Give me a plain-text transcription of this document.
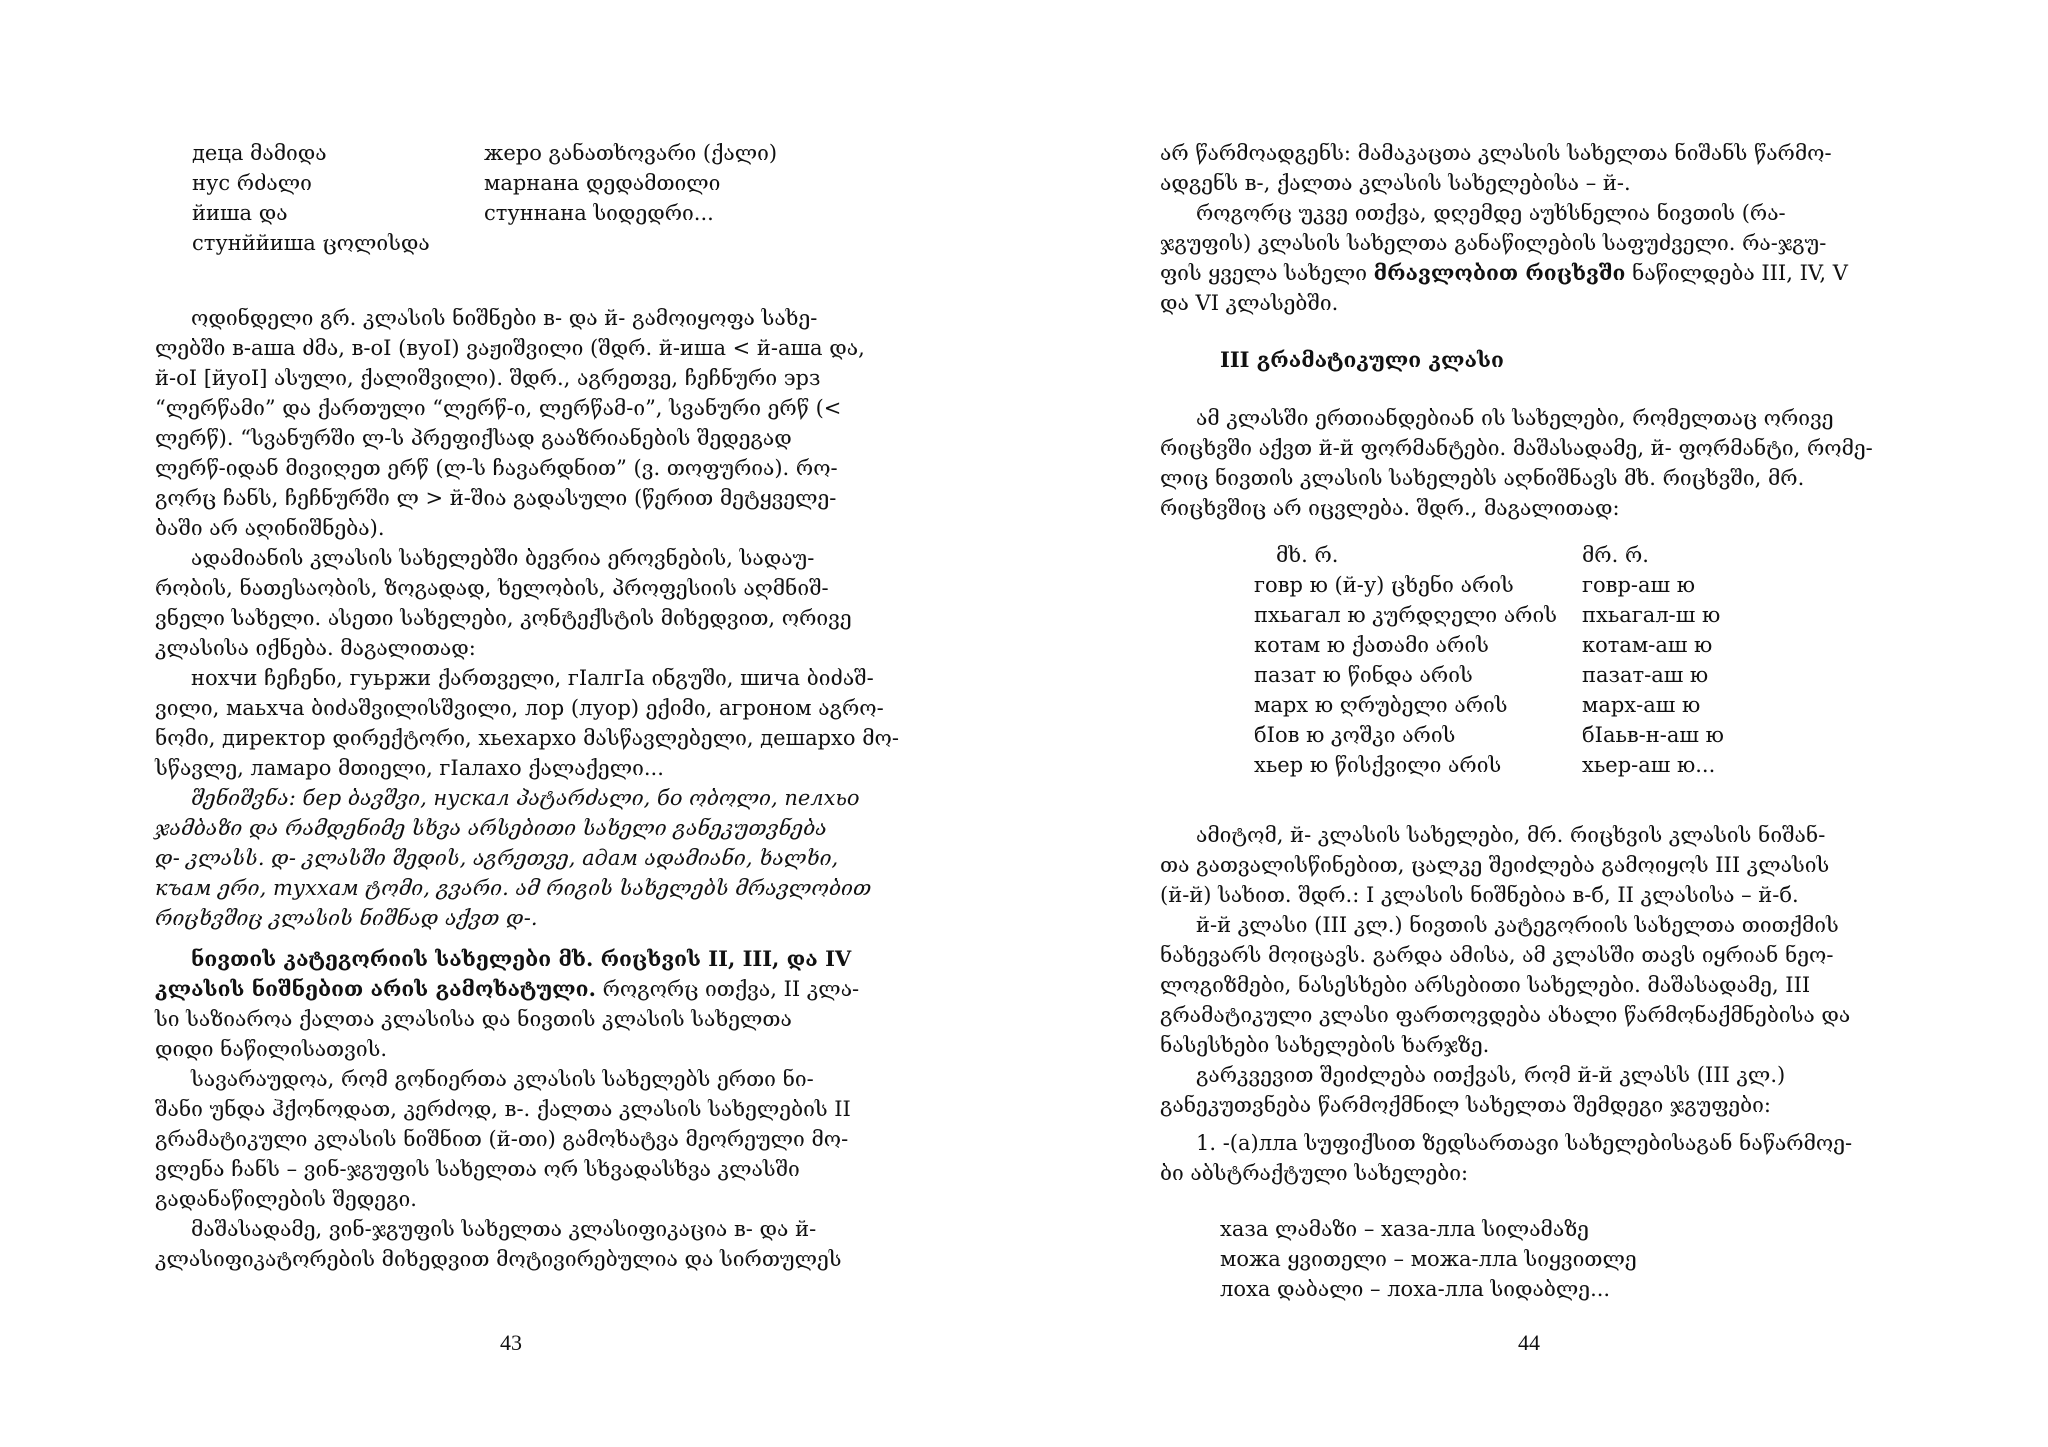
деца მამიდა	жеро განათხოვარი (ქალი)
нус რძალი	марнана დედამთილი
йиша და	стуннана სიდედრი...
стунййиша ცოლისდა
ოდინდელი გრ. კლასის ნიშნები в- და й- გამოიყოფა სახე-
ლებში в-аша ძმა, в-оI (вуоI) ვაჟიშვილი (შდრ. й-иша < й-аша და,
й-оI [йуоI] ასული, ქალიშვილი). შდრ., აგრეთვე, ჩეჩნური эрз
“ლერწამი” და ქართული “ლერწ-ი, ლერწამ-ი”, სვანური ერწ (<
ლერწ). “სვანურში ლ-ს პრეფიქსად გააზრიანების შედეგად
ლერწ-იდან მივიღეთ ერწ (ლ-ს ჩავარდნით” (ვ. თოფურია). რო-
გორც ჩანს, ჩეჩნურში ლ > й-შია გადასული (წერით მეტყველე-
ბაში არ აღინიშნება).
ადამიანის კლასის სახელებში ბევრია ეროვნების, სადაუ-
რობის, ნათესაობის, ზოგადად, ხელობის, პროფესიის აღმნიშ-
ვნელი სახელი. ასეთი სახელები, კონტექსტის მიხედვით, ორივე
კლასისა იქნება. მაგალითად:
нохчи ჩეჩენი, гуьржи ქართველი, гIалгIа ინგუში, шича ბიძაშ-
ვილი, маьхча ბიძაშვილისშვილი, лор (луор) ექიმი, агроном აგრო-
ნომი, директор დირექტორი, хьехархо მასწავლებელი, дешархо მო-
სწავლე, ламаро მთიელი, гIалахо ქალაქელი...
შენიშვნა: бер ბავშვი, нускал პატარძალი, бо ობოლი, пелхьо
ჯამბაზი და რამდენიმე სხვა არსებითი სახელი განეკუთვნება
დ- კლასს. დ- კლასში შედის, აგრეთვე, адам ადამიანი, ხალხი,
къам ერი, туххам ტომი, გვარი. ამ რიგის სახელებს მრავლობით
რიცხვშიც კლასის ნიშნად აქვთ დ-.
ნივთის კატეგორიის სახელები მხ. რიცხვის II, III, და IV
კლასის ნიშნებით არის გამოხატული. როგორც ითქვა, II კლა-
სი საზიაროა ქალთა კლასისა და ნივთის კლასის სახელთა
დიდი ნაწილისათვის.
სავარაუდოა, რომ გონიერთა კლასის სახელებს ერთი ნი-
შანი უნდა ჰქონოდათ, კერძოდ, в-. ქალთა კლასის სახელების II
გრამატიკული კლასის ნიშნით (й-თი) გამოხატვა მეორეული მო-
ვლენა ჩანს – ვინ-ჯგუფის სახელთა ორ სხვადასხვა კლასში
გადანაწილების შედეგი.
მაშასადამე, ვინ-ჯგუფის სახელთა კლასიფიკაცია в- და й-
კლასიფიკატორების მიხედვით მოტივირებულია და სირთულეს
43
არ წარმოადგენს: მამაკაცთა კლასის სახელთა ნიშანს წარმო-
ადგენს в-, ქალთა კლასის სახელებისა – й-.
როგორც უკვე ითქვა, დღემდე აუხსნელია ნივთის (რა-
ჯგუფის) კლასის სახელთა განაწილების საფუძველი. რა-ჯგუ-
ფის ყველა სახელი მრავლობით რიცხვში ნაწილდება III, IV, V
და VI კლასებში.
III გრამატიკული კლასი
ამ კლასში ერთიანდებიან ის სახელები, რომელთაც ორივე
რიცხვში აქვთ й-й ფორმანტები. მაშასადამე, й- ფორმანტი, რომე-
ლიც ნივთის კლასის სახელებს აღნიშნავს მხ. რიცხვში, მრ.
რიცხვშიც არ იცვლება. შდრ., მაგალითად:
მხ. რ.	მრ. რ.
говр ю (й-у) ცხენი არის	говр-аш ю
пхьагал ю კურდღელი არის пхьагал-ш ю
котам ю ქათამი არის	котам-аш ю
пазат ю წინდა არის	пазат-аш ю
марх ю ღრუბელი არის	марх-аш ю
бIов ю კოშკი არის	бIаьв-н-аш ю
хьер ю წისქვილი არის	хьер-аш ю...
ამიტომ, й- კლასის სახელები, მრ. რიცხვის კლასის ნიშან-
თა გათვალისწინებით, ცალკე შეიძლება გამოიყოს III კლასის
(й-й) სახით. შდრ.: I კლასის ნიშნებია в-б, II კლასისა – й-б.
й-й კლასი (III კლ.) ნივთის კატეგორიის სახელთა თითქმის
ნახევარს მოიცავს. გარდა ამისა, ამ კლასში თავს იყრიან ნეო-
ლოგიზმები, ნასესხები არსებითი სახელები. მაშასადამე, III
გრამატიკული კლასი ფართოვდება ახალი წარმონაქმნებისა და
ნასესხები სახელების ხარჯზე.
გარკვევით შეიძლება ითქვას, რომ й-й კლასს (III კლ.)
განეკუთვნება წარმოქმნილ სახელთა შემდეგი ჯგუფები:
1. -(а)лла სუფიქსით ზედსართავი სახელებისაგან ნაწარმოე-
ბი აბსტრაქტული სახელები:
хаза ლამაზი – хаза-лла სილამაზე
можа ყვითელი – можа-лла სიყვითლე
лоха დაბალი – лоха-лла სიდაბლე...
44
